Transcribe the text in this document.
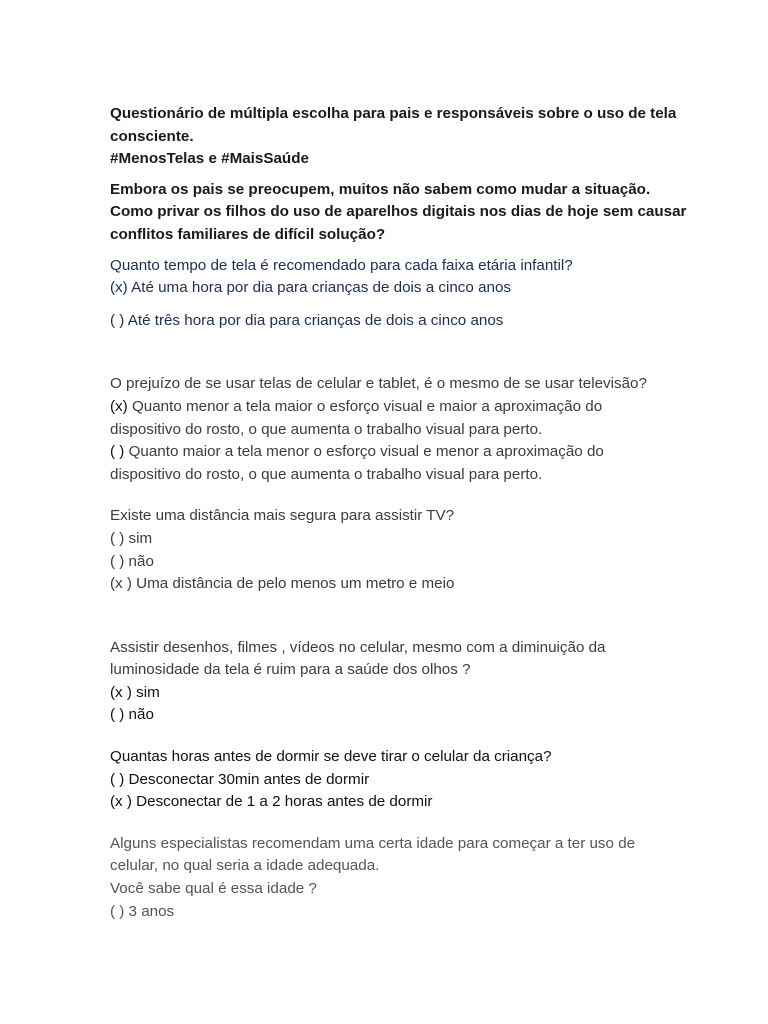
Questionário de múltipla escolha para pais e responsáveis sobre o uso de tela
consciente.
#MenosTelas e #MaisSaúde
Embora os pais se preocupem, muitos não sabem como mudar a situação.
Como privar os filhos do uso de aparelhos digitais nos dias de hoje sem causar
conflitos familiares de difícil solução?
Quanto tempo de tela é recomendado para cada faixa etária infantil?
(x) Até uma hora por dia para crianças de dois a cinco anos
( ) Até três hora por dia para crianças de dois a cinco anos
O prejuízo de se usar telas de celular e tablet, é o mesmo de se usar televisão?
(x) Quanto menor a tela maior o esforço visual e maior a aproximação do
dispositivo do rosto, o que aumenta o trabalho visual para perto.
( ) Quanto maior a tela menor o esforço visual e menor a aproximação do
dispositivo do rosto, o que aumenta o trabalho visual para perto.
Existe uma distância mais segura para assistir TV?
( ) sim
( ) não
(x ) Uma distância de pelo menos um metro e meio
Assistir desenhos, filmes , vídeos no celular, mesmo com a diminuição da
luminosidade da tela é ruim para a saúde dos olhos ?
(x ) sim
( ) não
Quantas horas antes de dormir se deve tirar o celular da criança?
( ) Desconectar 30min antes de dormir
(x ) Desconectar de 1 a 2 horas antes de dormir
Alguns especialistas recomendam uma certa idade para começar a ter uso de
celular, no qual seria a idade adequada.
Você sabe qual é essa idade ?
( ) 3 anos
